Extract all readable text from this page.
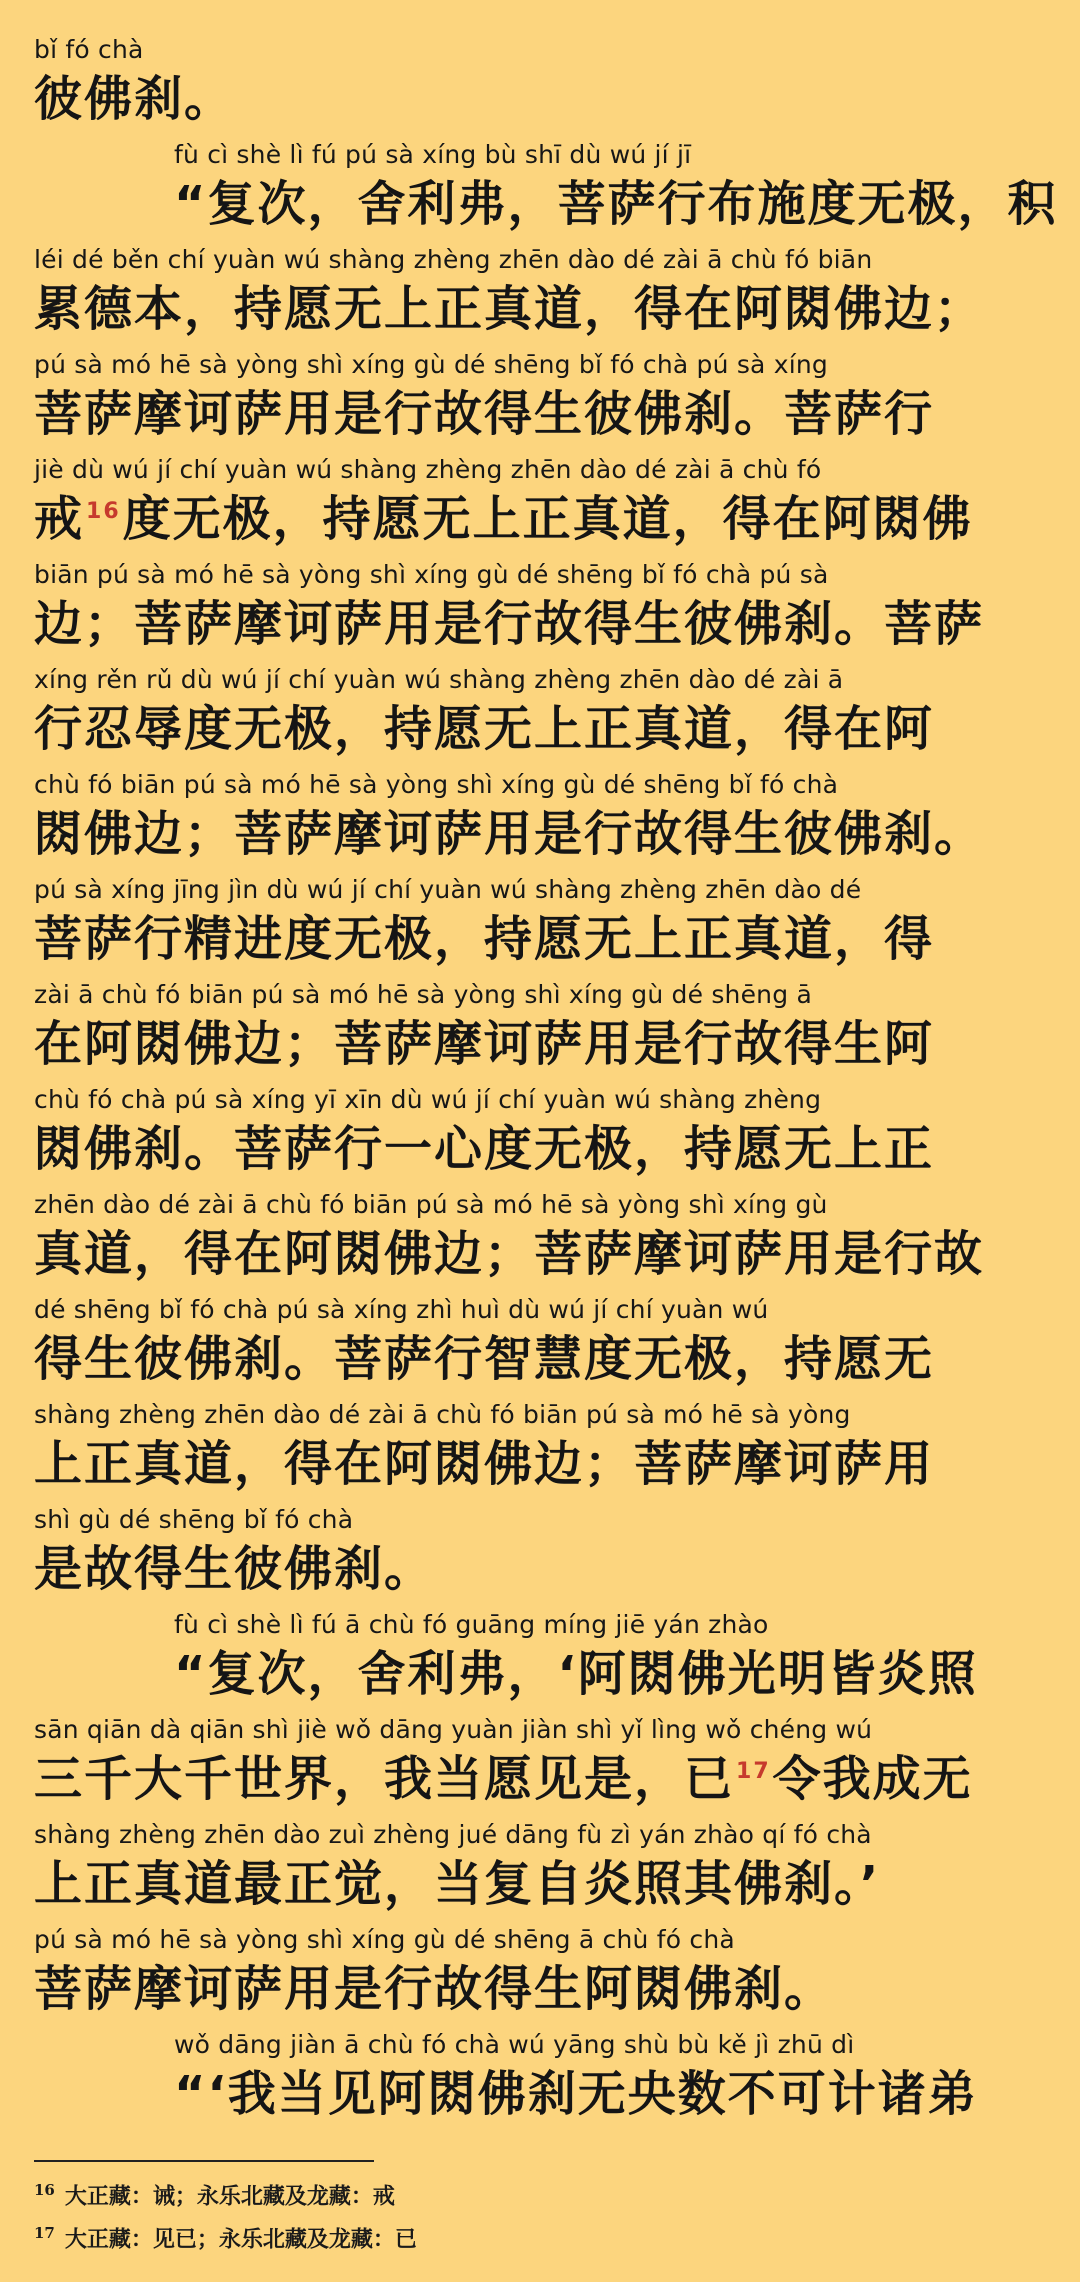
bǐ fó chà
彼佛刹。
fù cì shè lì fú pú sà xíng bù shī dù wú jí jī
“复次，舍利弗，菩萨行布施度无极，积
léi dé běn chí yuàn wú shàng zhèng zhēn dào dé zài ā chù fó biān
累德本，持愿无上正真道，得在阿閦佛边；
pú sà mó hē sà yòng shì xíng gù dé shēng bǐ fó chà pú sà xíng
菩萨摩诃萨用是行故得生彼佛刹。菩萨行
jiè dù wú jí chí yuàn wú shàng zhèng zhēn dào dé zài ā chù fó
戒$^{16}$度无极，持愿无上正真道，得在阿閦佛
biān pú sà mó hē sà yòng shì xíng gù dé shēng bǐ fó chà pú sà
边；菩萨摩诃萨用是行故得生彼佛刹。菩萨
xíng rěn rǔ dù wú jí chí yuàn wú shàng zhèng zhēn dào dé zài ā
行忍辱度无极，持愿无上正真道，得在阿
chù fó biān pú sà mó hē sà yòng shì xíng gù dé shēng bǐ fó chà
閦佛边；菩萨摩诃萨用是行故得生彼佛刹。
pú sà xíng jīng jìn dù wú jí chí yuàn wú shàng zhèng zhēn dào dé
菩萨行精进度无极，持愿无上正真道，得
zài ā chù fó biān pú sà mó hē sà yòng shì xíng gù dé shēng ā
在阿閦佛边；菩萨摩诃萨用是行故得生阿
chù fó chà pú sà xíng yī xīn dù wú jí chí yuàn wú shàng zhèng
閦佛刹。菩萨行一心度无极，持愿无上正
zhēn dào dé zài ā chù fó biān pú sà mó hē sà yòng shì xíng gù
真道，得在阿閦佛边；菩萨摩诃萨用是行故
dé shēng bǐ fó chà pú sà xíng zhì huì dù wú jí chí yuàn wú
得生彼佛刹。菩萨行智慧度无极，持愿无
shàng zhèng zhēn dào dé zài ā chù fó biān pú sà mó hē sà yòng
上正真道，得在阿閦佛边；菩萨摩诃萨用
shì gù dé shēng bǐ fó chà
是故得生彼佛刹。
fù cì shè lì fú ā chù fó guāng míng jiē yán zhào
“复次，舍利弗，‘阿閦佛光明皆炎照
sān qiān dà qiān shì jiè wǒ dāng yuàn jiàn shì yǐ lìng wǒ chéng wú
三千大千世界，我当愿见是，已$^{17}$令我成无
shàng zhèng zhēn dào zuì zhèng jué dāng fù zì yán zhào qí fó chà
上正真道最正觉，当复自炎照其佛刹。’
pú sà mó hē sà yòng shì xíng gù dé shēng ā chù fó chà
菩萨摩诃萨用是行故得生阿閦佛刹。
wǒ dāng jiàn ā chù fó chà wú yāng shù bù kě jì zhū dì
“‘我当见阿閦佛刹无央数不可计诸弟
$^{16}$ 大正藏：诫；永乐北藏及龙藏：戒
$^{17}$ 大正藏：见已；永乐北藏及龙藏：已
